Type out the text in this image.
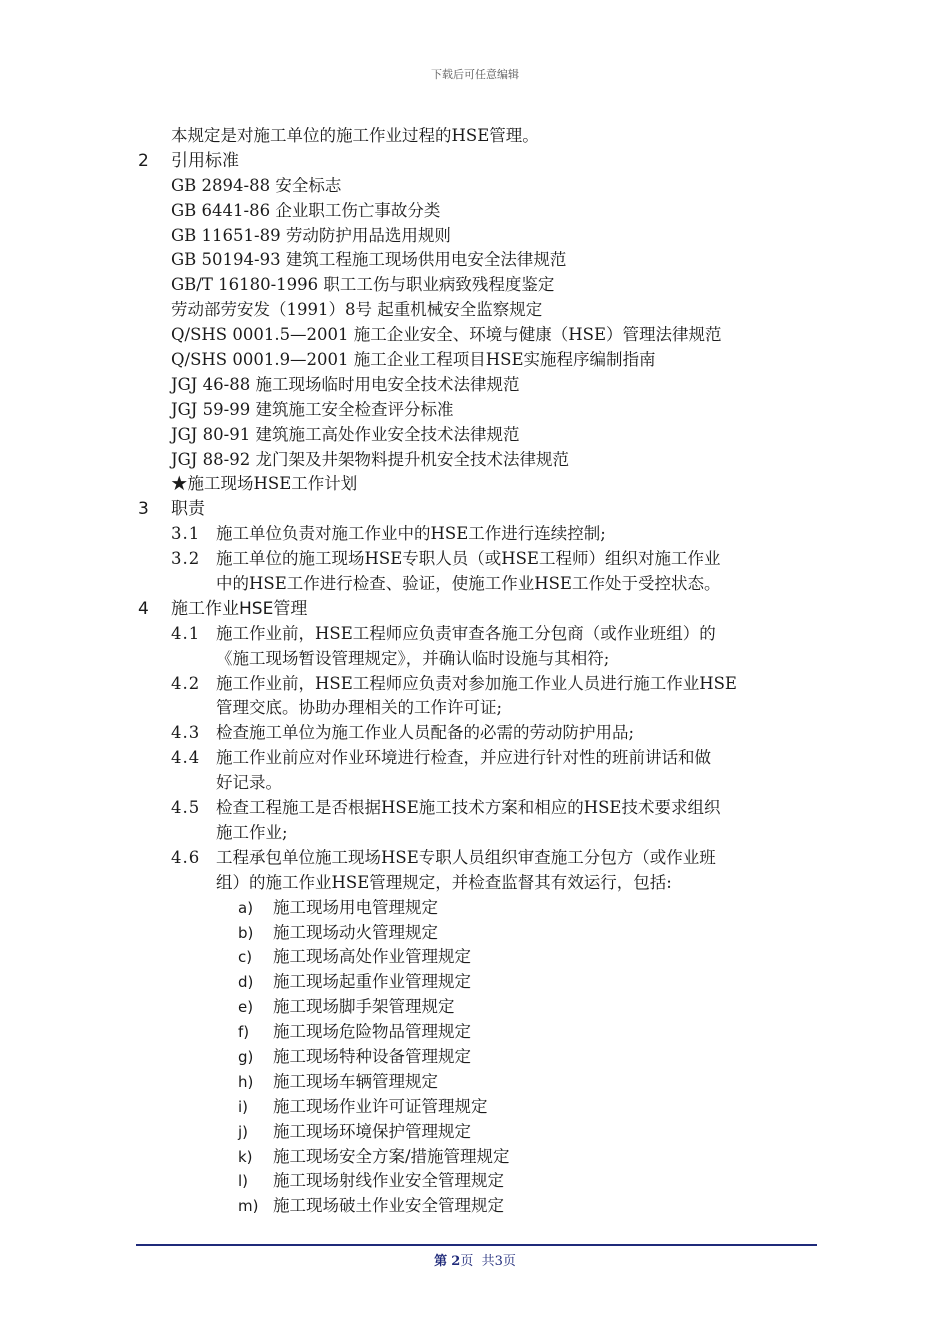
下载后可任意编辑
本规定是对施工单位的施工作业过程的HSE管理。
2 引用标准
GB 2894-88 安全标志
GB 6441-86 企业职工伤亡事故分类
GB 11651-89 劳动防护用品选用规则
GB 50194-93 建筑工程施工现场供用电安全法律规范
GB/T 16180-1996 职工工伤与职业病致残程度鉴定
劳动部劳安发（1991）8号 起重机械安全监察规定
Q/SHS 0001.5—2001 施工企业安全、环境与健康（HSE）管理法律规范
Q/SHS 0001.9—2001 施工企业工程项目HSE实施程序编制指南
JGJ 46-88 施工现场临时用电安全技术法律规范
JGJ 59-99 建筑施工安全检查评分标准
JGJ 80-91 建筑施工高处作业安全技术法律规范
JGJ 88-92 龙门架及井架物料提升机安全技术法律规范
★施工现场HSE工作计划
3 职责
3.1 施工单位负责对施工作业中的HSE工作进行连续控制;
3.2 施工单位的施工现场HSE专职人员（或HSE工程师）组织对施工作业
中的HSE工作进行检查、验证，使施工作业HSE工作处于受控状态。
4 施工作业HSE管理
4.1 施工作业前，HSE工程师应负责审查各施工分包商（或作业班组）的
《施工现场暂设管理规定》，并确认临时设施与其相符;
4.2 施工作业前，HSE工程师应负责对参加施工作业人员进行施工作业HSE
管理交底。协助办理相关的工作许可证;
4.3 检查施工单位为施工作业人员配备的必需的劳动防护用品;
4.4 施工作业前应对作业环境进行检查，并应进行针对性的班前讲话和做
好记录。
4.5 检查工程施工是否根据HSE施工技术方案和相应的HSE技术要求组织
施工作业;
4.6 工程承包单位施工现场HSE专职人员组织审查施工分包方（或作业班
组）的施工作业HSE管理规定，并检查监督其有效运行，包括:
a) 施工现场用电管理规定
b) 施工现场动火管理规定
c) 施工现场高处作业管理规定
d) 施工现场起重作业管理规定
e) 施工现场脚手架管理规定
f) 施工现场危险物品管理规定
g) 施工现场特种设备管理规定
h) 施工现场车辆管理规定
i) 施工现场作业许可证管理规定
j) 施工现场环境保护管理规定
k) 施工现场安全方案/措施管理规定
l) 施工现场射线作业安全管理规定
m) 施工现场破土作业安全管理规定
第 2页 共3页
